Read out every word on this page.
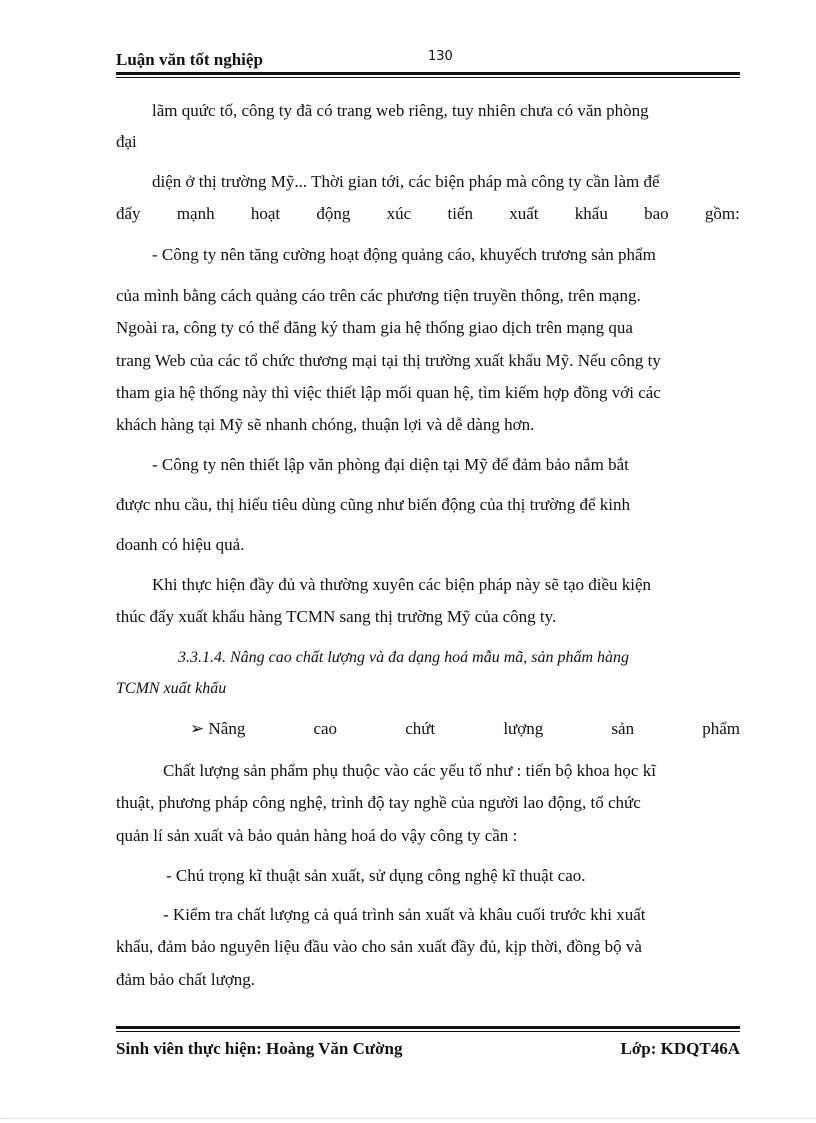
Luận văn tốt nghiệp	130
lãm quức tố, công ty đã có trang web riêng, tuy nhiên chưa có văn phòng
đại
diện ở thị trường Mỹ... Thời gian tới, các biện pháp mà công ty cần làm để
đẩy mạnh hoạt động xúc tiến xuất khẩu bao gồm:
- Công ty nên tăng cường hoạt động quảng cáo, khuyếch trương sản phẩm
của mình bằng cách quảng cáo trên các phương tiện truyền thông, trên mạng.
Ngoài ra, công ty có thể đăng ký tham gia hệ thống giao dịch trên mạng qua
trang Web của các tổ chức thương mại tại thị trường xuất khẩu Mỹ. Nếu công ty
tham gia hệ thống này thì việc thiết lập mối quan hệ, tìm kiếm hợp đồng với các
khách hàng tại Mỹ sẽ nhanh chóng, thuận lợi và dễ dàng hơn.
- Công ty nên thiết lập văn phòng đại diện tại Mỹ để đảm bảo nắm bắt
được nhu cầu, thị hiếu tiêu dùng cũng như biến động của thị trường để kinh
doanh có hiệu quả.
Khi thực hiện đầy đủ và thường xuyên các biện pháp này sẽ tạo điều kiện
thúc đẩy xuất khẩu hàng TCMN sang thị trường Mỹ của công ty.
3.3.1.4. Nâng cao chất lượng và đa dạng hoá mẫu mã, sản phẩm hàng
TCMN xuất khẩu
➢ Nâng	cao	chứt	lượng	sản	phẩm
Chất lượng sản phẩm phụ thuộc vào các yếu tố như : tiến bộ khoa học kĩ
thuật, phương pháp công nghệ, trình độ tay nghề của người lao động, tổ chức
quản lí sản xuất và bảo quản hàng hoá do vậy công ty cần :
- Chú trọng kĩ thuật sản xuất, sử dụng công nghệ kĩ thuật cao.
- Kiểm tra chất lượng cả quá trình sản xuất và khâu cuối trước khi xuất
khẩu, đảm bảo nguyên liệu đầu vào cho sản xuất đầy đủ, kịp thời, đồng bộ và
đảm bảo chất lượng.
Sinh viên thực hiện: Hoàng Văn Cường	Lớp: KDQT46A
